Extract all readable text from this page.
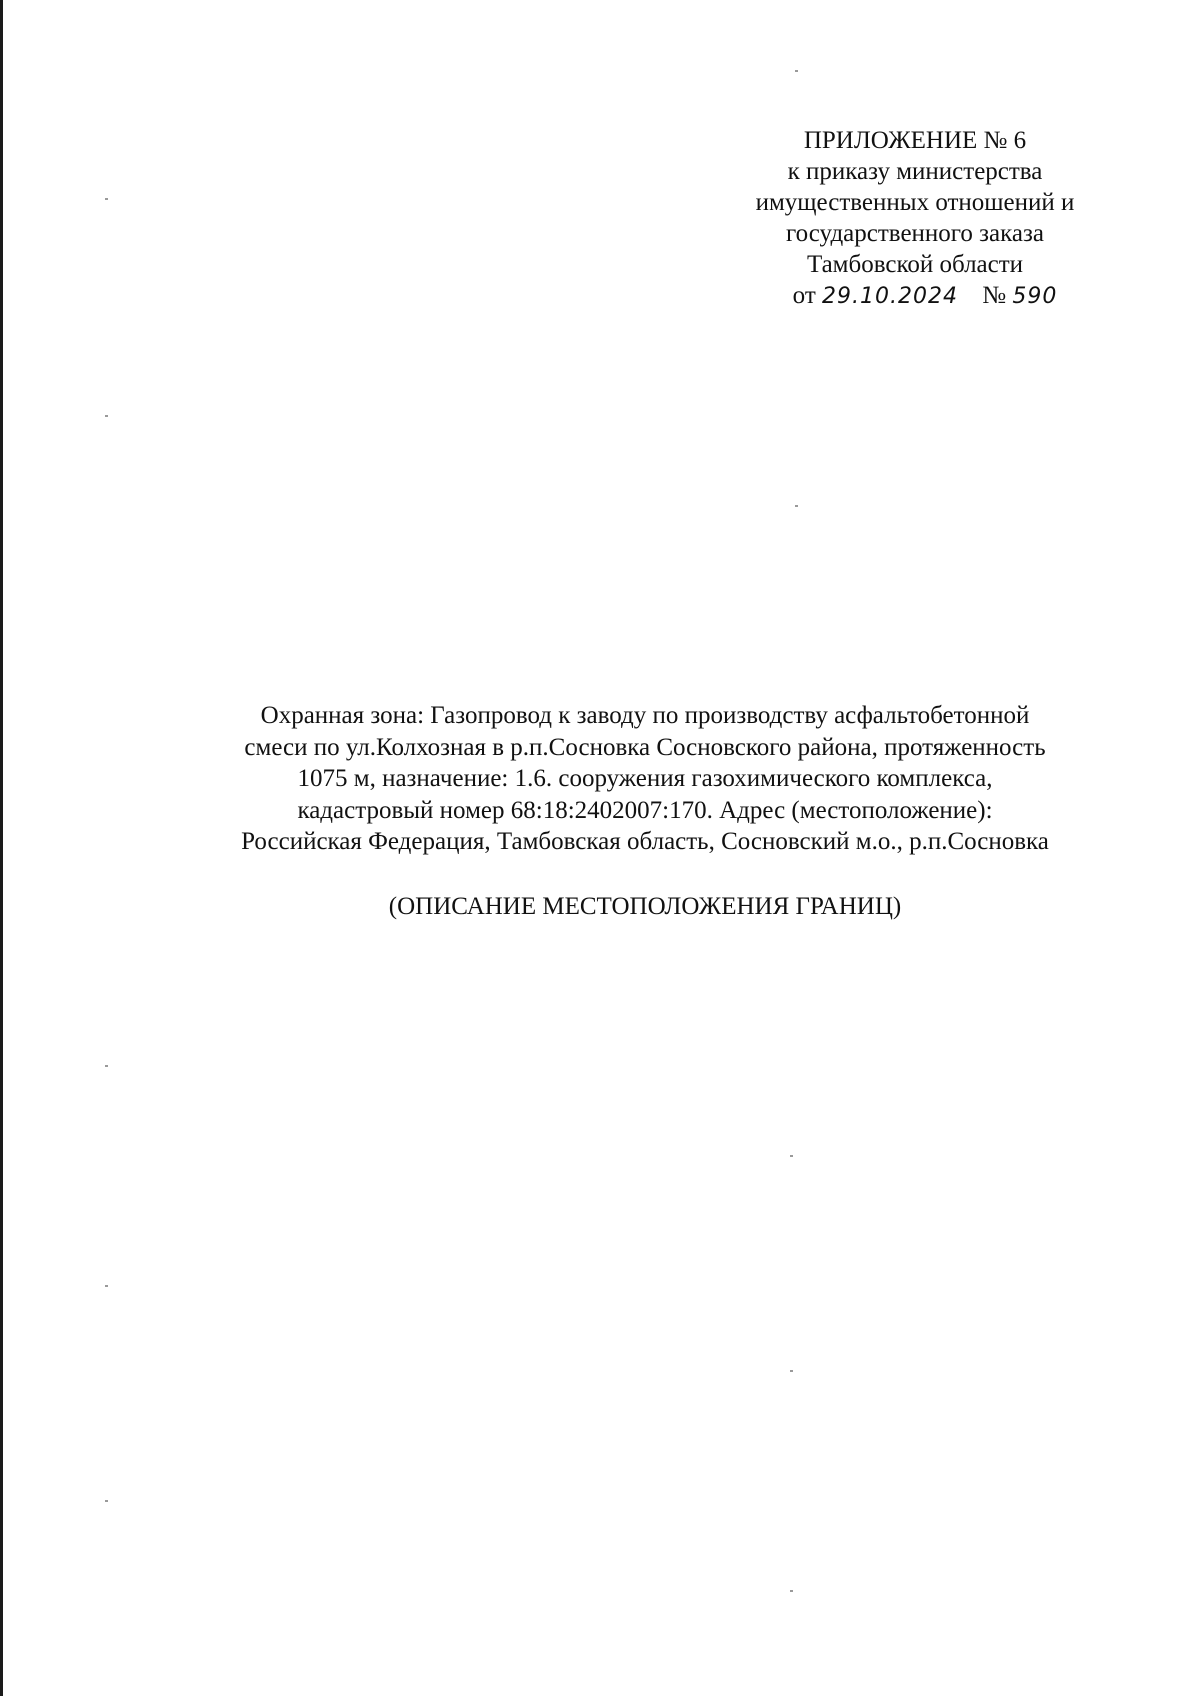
ПРИЛОЖЕНИЕ № 6
к приказу министерства
имущественных отношений и
государственного заказа
Тамбовской области
от 29.10.2024 № 590
Охранная зона: Газопровод к заводу по производству асфальтобетонной
смеси по ул.Колхозная в р.п.Сосновка Сосновского района, протяженность
1075 м, назначение: 1.6. сооружения газохимического комплекса,
кадастровый номер 68:18:2402007:170. Адрес (местоположение):
Российская Федерация, Тамбовская область, Сосновский м.о., р.п.Сосновка
(ОПИСАНИЕ МЕСТОПОЛОЖЕНИЯ ГРАНИЦ)
